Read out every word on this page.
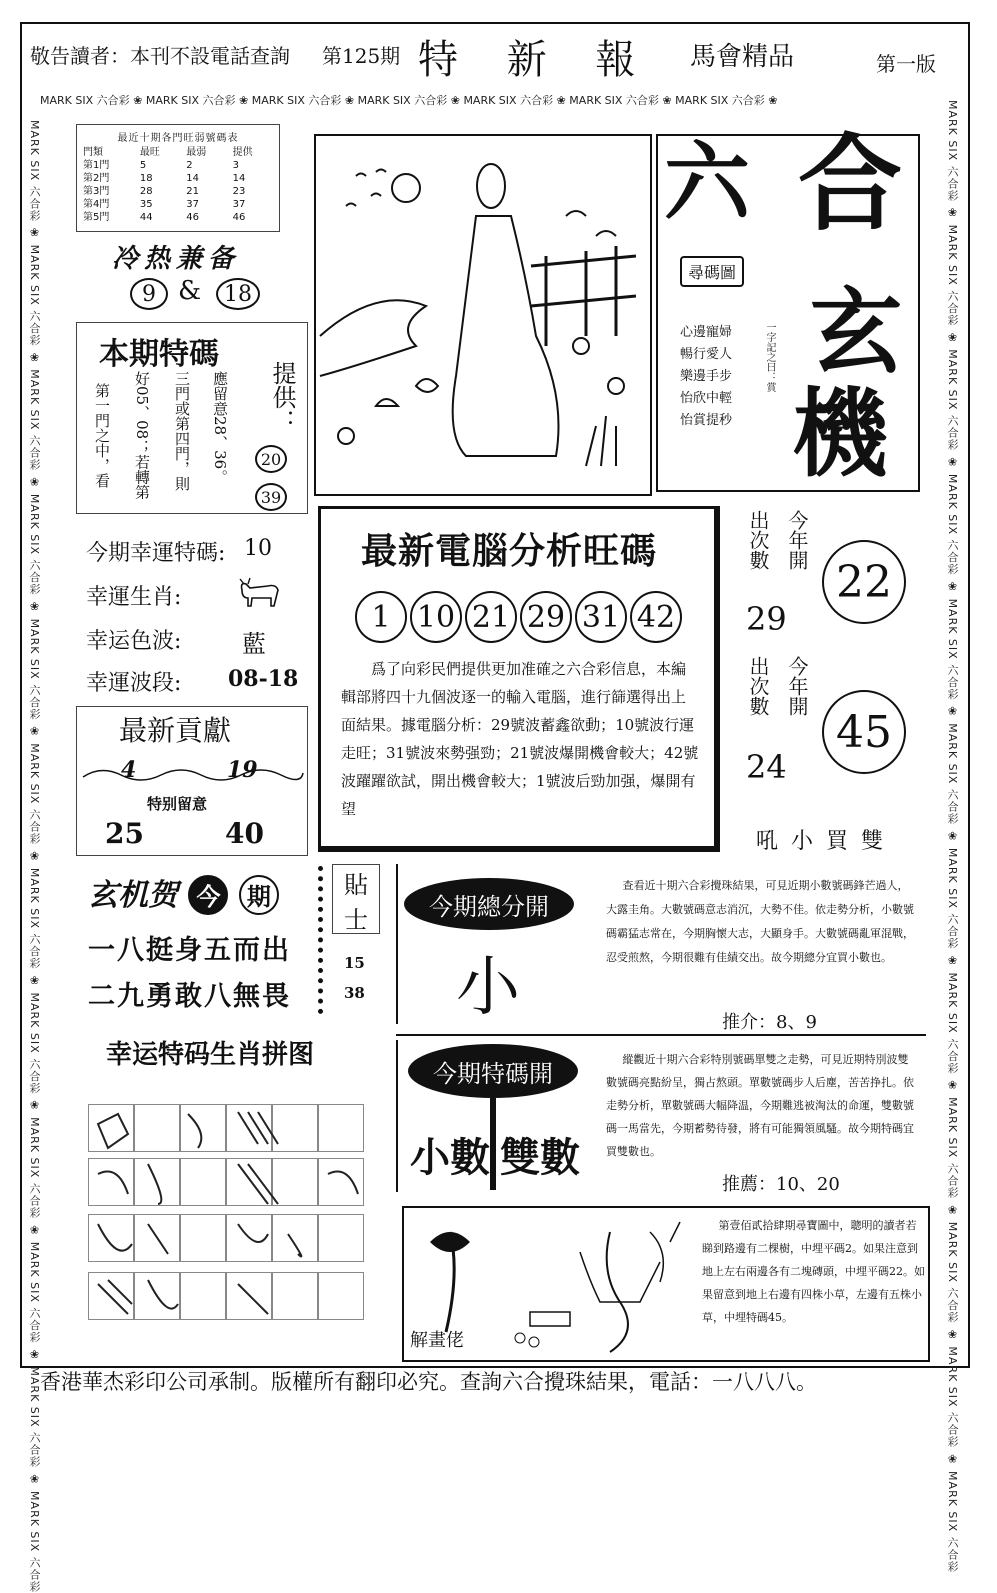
敬告讀者：本刊不設電話查詢 第125期 特 新 報 馬會精品	第一版
MARK SIX 六合彩 ❀ MARK SIX 六合彩 ❀ MARK SIX 六合彩 ❀ MARK SIX 六合彩 ❀ MARK SIX 六合彩 ❀ MARK SIX 六合彩 ❀ MARK SIX 六合彩 ❀
MARK SIX 六合彩 ❀ MARK SIX 六合彩 ❀ MARK SIX 六合彩 ❀ MARK SIX 六合彩 ❀ MARK SIX 六合彩 ❀ MARK SIX 六合彩 ❀ MARK SIX 六合彩 ❀ MARK SIX 六合彩 ❀ MARK SIX 六合彩 ❀ MARK SIX 六合彩 ❀ MARK SIX 六合彩 ❀ MARK SIX 六合彩
MARK SIX 六合彩 ❀ MARK SIX 六合彩 ❀ MARK SIX 六合彩 ❀ MARK SIX 六合彩 ❀ MARK SIX 六合彩 ❀ MARK SIX 六合彩 ❀ MARK SIX 六合彩 ❀ MARK SIX 六合彩 ❀ MARK SIX 六合彩 ❀ MARK SIX 六合彩 ❀ MARK SIX 六合彩 ❀ MARK SIX 六合彩
最近十期各門旺弱號碼表
門類	最旺	最弱	提供
第1門	5	2	3
第2門	18	14	14
第3門	28	21	23
第4門	35	37	37
第5門	44	46	46
冷热兼备
9 & 18
本期特碼
提供：
第一門之中，看 好05、08；若轉第 三門或第四門，則 應留意28、36。 20
39
今期幸運特碼: 10
幸運生肖:
幸运色波:	藍
幸運波段: 08-18
最新貢獻
4	19
特别留意
25	40
玄机贺 今
期
一八挺身五而出
二九勇敢八無畏
貼
士
15
38
幸运特码生肖拼图
六 合
尋碼圖
心邊寵婦
暢行愛人
樂邊手步
怡欣中輕
怡賞提秒
一字記之曰：賞 玄
機
最新電腦分析旺碼
1 10 21 29 31 42
爲了向彩民們提供更加准確之六合彩信息，本編輯部將四十九個波逐一的輸入電腦，進行篩選得出上面結果。據電腦分析：29號波蓄鑫欲動；10號波行運走旺；31號波來勢强勁；21號波爆開機會較大；42號波躍躍欲試，開出機會較大；1號波后勁加强，爆開有望
出次數 今年開
29
22
出次數 今年開
24
45
吼 小 買 雙
今期總分開
小
查看近十期六合彩攪珠結果，可見近期小數號碼鋒芒過人，大露圭角。大數號碼意志消沉，大勢不佳。依走勢分析，小數號碼霸猛志常在，今期胸懷大志，大顯身手。大數號碼亂軍混戰，忍受煎熬，今期很難有佳績交出。故今期總分宜買小數也。
推介：8、9
今期特碼開
小數 雙數
縱觀近十期六合彩特別號碼單雙之走勢，可見近期特別波雙數號碼亮點紛呈，獨占熬頭。單數號碼步人后塵，苦苦挣扎。依走勢分析，單數號碼大幅降温，今期難逃被淘汰的命運，雙數號碼一馬當先，今期蓄勢待發，將有可能獨領風騷。故今期特碼宜買雙數也。
推薦：10、20
解畫佬
第壹佰貳拾肆期尋寶圖中，聰明的讀者若睇到路邊有二棵樹，中埋平碼2。如果注意到地上左右兩邊各有二塊磚頭，中埋平碼22。如果留意到地上右邊有四株小草，左邊有五株小草，中埋特碼45。
香港華杰彩印公司承制。版權所有翻印必究。查詢六合攪珠結果，電話：一八八八。
